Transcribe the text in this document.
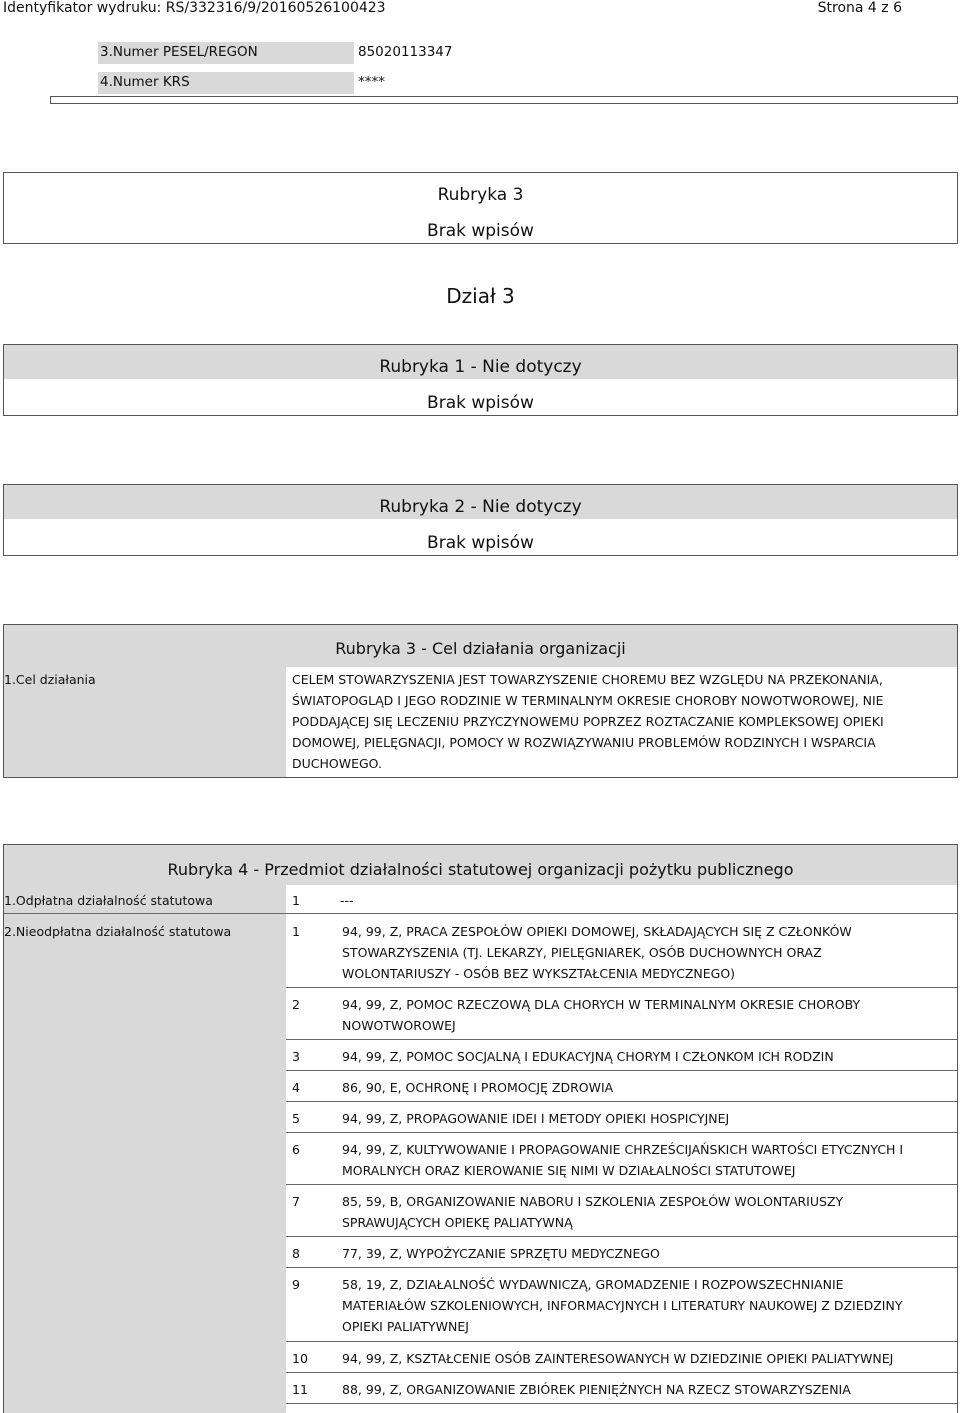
Identyfikator wydruku: RS/332316/9/20160526100423	Strona 4 z 6
3.Numer PESEL/REGON	85020113347
4.Numer KRS	****
Rubryka 3
Brak wpisów
Dział 3
Rubryka 1 - Nie dotyczy
Brak wpisów
Rubryka 2 - Nie dotyczy
Brak wpisów
Rubryka 3 - Cel działania organizacji
1.Cel działania	CELEM STOWARZYSZENIA JEST TOWARZYSZENIE CHOREMU BEZ WZGLĘDU NA PRZEKONANIA,
ŚWIATOPOGLĄD I JEGO RODZINIE W TERMINALNYM OKRESIE CHOROBY NOWOTWOROWEJ, NIE
PODDAJĄCEJ SIĘ LECZENIU PRZYCZYNOWEMU POPRZEZ ROZTACZANIE KOMPLEKSOWEJ OPIEKI
DOMOWEJ, PIELĘGNACJI, POMOCY W ROZWIĄZYWANIU PROBLEMÓW RODZINYCH I WSPARCIA
DUCHOWEGO.
Rubryka 4 - Przedmiot działalności statutowej organizacji pożytku publicznego
1.Odpłatna działalność statutowa	1	---
2.Nieodpłatna działalność statutowa	1	94, 99, Z, PRACA ZESPOŁÓW OPIEKI DOMOWEJ, SKŁADAJĄCYCH SIĘ Z CZŁONKÓW
STOWARZYSZENIA (TJ. LEKARZY, PIELĘGNIAREK, OSÓB DUCHOWNYCH ORAZ
WOLONTARIUSZY - OSÓB BEZ WYKSZTAŁCENIA MEDYCZNEGO)
2	94, 99, Z, POMOC RZECZOWĄ DLA CHORYCH W TERMINALNYM OKRESIE CHOROBY
NOWOTWOROWEJ
3	94, 99, Z, POMOC SOCJALNĄ I EDUKACYJNĄ CHORYM I CZŁONKOM ICH RODZIN
4	86, 90, E, OCHRONĘ I PROMOCJĘ ZDROWIA
5	94, 99, Z, PROPAGOWANIE IDEI I METODY OPIEKI HOSPICYJNEJ
6	94, 99, Z, KULTYWOWANIE I PROPAGOWANIE CHRZEŚCIJAŃSKICH WARTOŚCI ETYCZNYCH I
MORALNYCH ORAZ KIEROWANIE SIĘ NIMI W DZIAŁALNOŚCI STATUTOWEJ
7	85, 59, B, ORGANIZOWANIE NABORU I SZKOLENIA ZESPOŁÓW WOLONTARIUSZY
SPRAWUJĄCYCH OPIEKĘ PALIATYWNĄ
8	77, 39, Z, WYPOŻYCZANIE SPRZĘTU MEDYCZNEGO
9	58, 19, Z, DZIAŁALNOŚĆ WYDAWNICZĄ, GROMADZENIE I ROZPOWSZECHNIANIE
MATERIAŁÓW SZKOLENIOWYCH, INFORMACYJNYCH I LITERATURY NAUKOWEJ Z DZIEDZINY
OPIEKI PALIATYWNEJ
10	94, 99, Z, KSZTAŁCENIE OSÓB ZAINTERESOWANYCH W DZIEDZINIE OPIEKI PALIATYWNEJ
11	88, 99, Z, ORGANIZOWANIE ZBIÓREK PIENIĘŻNYCH NA RZECZ STOWARZYSZENIA
